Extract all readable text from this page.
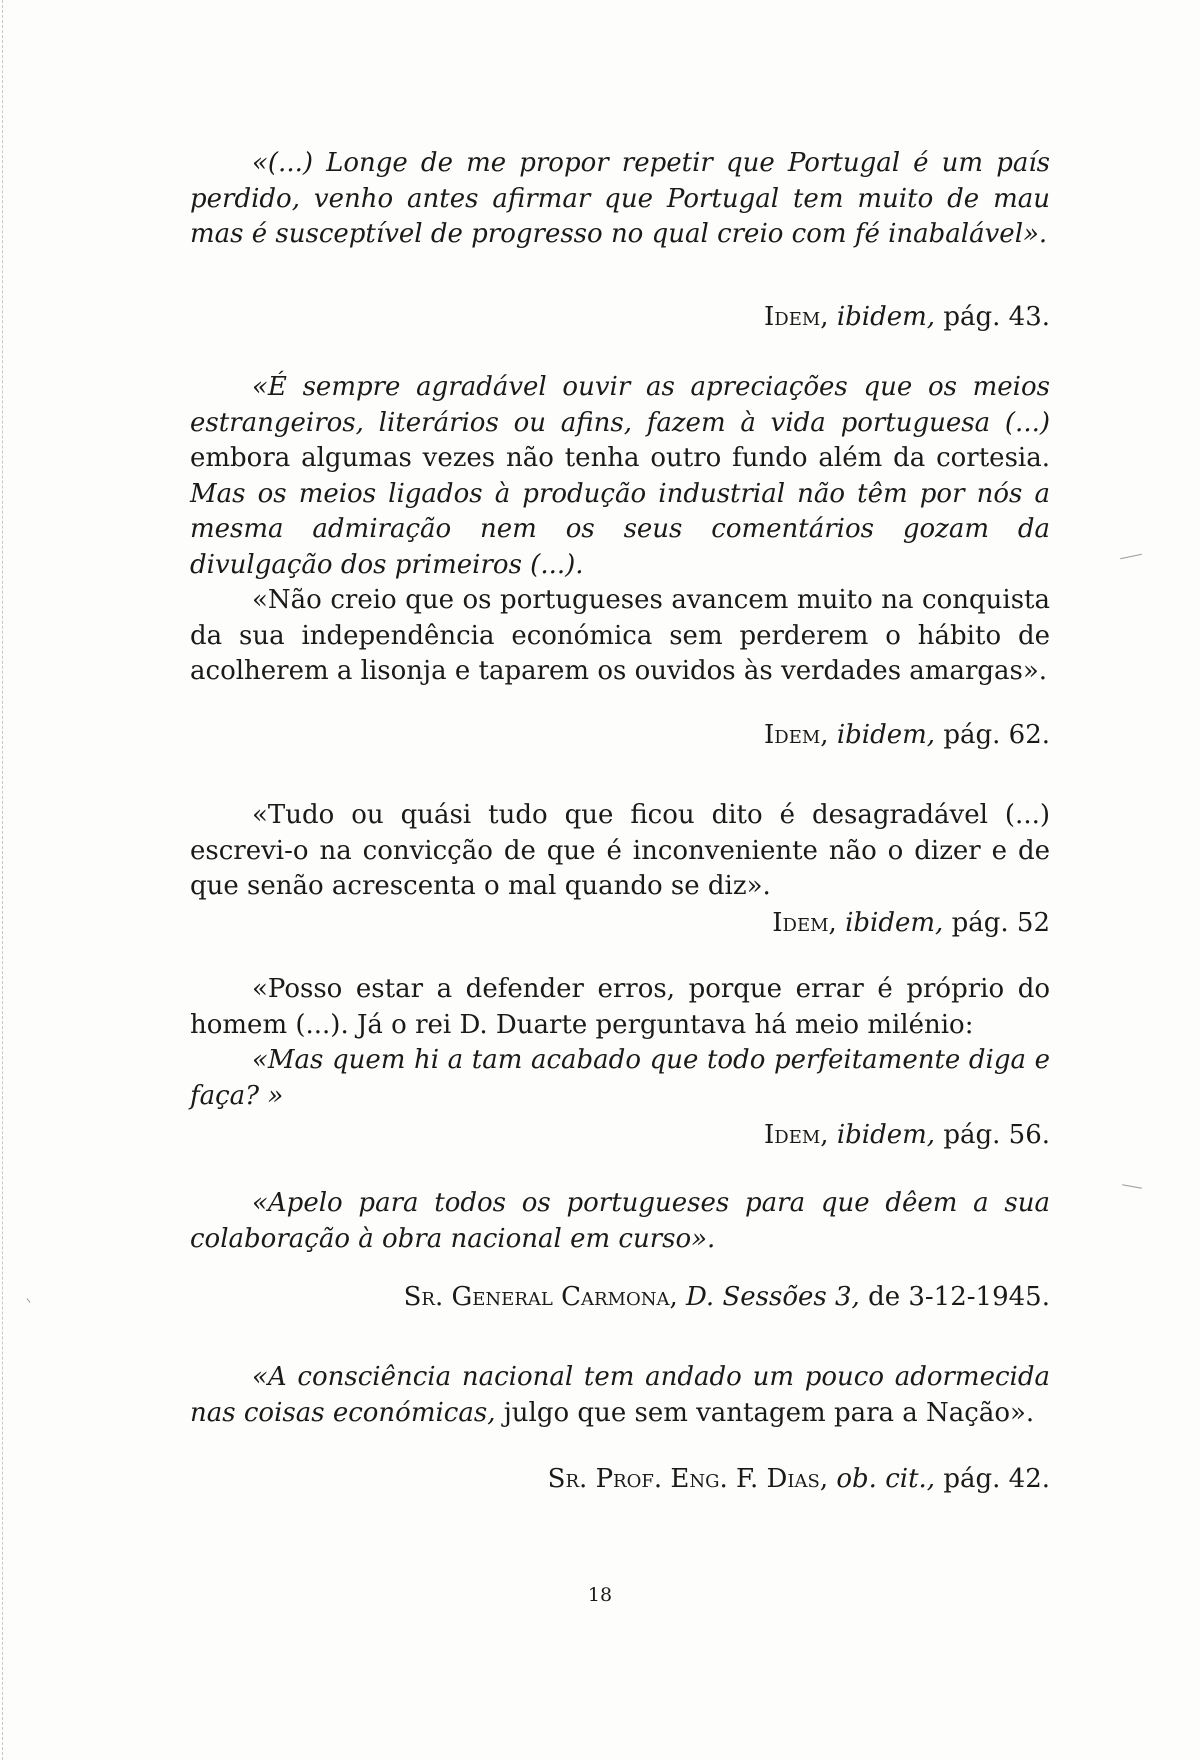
«(...) Longe de me propor repetir que Portugal é um país perdido, venho antes afirmar que Portugal tem muito de mau mas é susceptível de progresso no qual creio com fé inabalável».

Idem, ibidem, pág. 43.

«É sempre agradável ouvir as apreciações que os meios estrangeiros, literários ou afins, fazem à vida portuguesa (...) embora algumas vezes não tenha outro fundo além da cortesia. Mas os meios ligados à produção industrial não têm por nós a mesma admiração nem os seus comentários gozam da divulgação dos primeiros (...).

«Não creio que os portugueses avancem muito na conquista da sua independência económica sem perderem o hábito de acolherem a lisonja e taparem os ouvidos às verdades amargas».

Idem, ibidem, pág. 62.

«Tudo ou quási tudo que ficou dito é desagradável (...) escrevi-o na convicção de que é inconveniente não o dizer e de que senão acrescenta o mal quando se diz».

Idem, ibidem, pág. 52

«Posso estar a defender erros, porque errar é próprio do homem (...). Já o rei D. Duarte perguntava há meio milénio:

«Mas quem hi a tam acabado que todo perfeitamente diga e faça? »

Idem, ibidem, pág. 56.

«Apelo para todos os portugueses para que dêem a sua colaboração à obra nacional em curso».

Sr. General Carmona, D. Sessões 3, de 3-12-1945.

«A consciência nacional tem andado um pouco adormecida nas coisas económicas, julgo que sem vantagem para a Nação».

Sr. Prof. Eng. F. Dias, ob. cit., pág. 42.
18
